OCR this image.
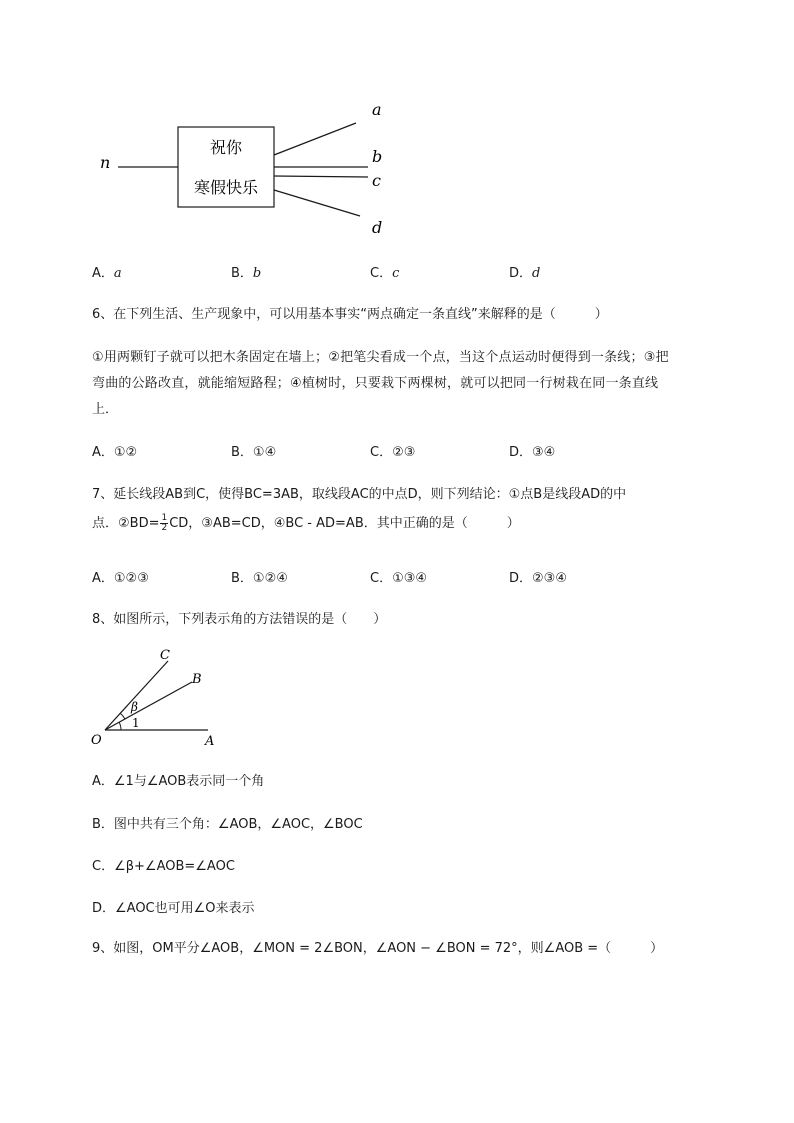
祝你
寒假快乐
n
a
b
c
d
A．a	B．b	C．c	D．d
6、在下列生活、生产现象中，可以用基本事实“两点确定一条直线”来解释的是（　　　）
①用两颗钉子就可以把木条固定在墙上；②把笔尖看成一个点，当这个点运动时便得到一条线；③把
弯曲的公路改直，就能缩短路程；④植树时，只要栽下两棵树，就可以把同一行树栽在同一条直线
上．
A．①②	B．①④	C．②③	D．③④
7、延长线段AB到C，使得BC=3AB，取线段AC的中点D，则下列结论：①点B是线段AD的中
点．②BD= $\frac{1}{2}$ CD，③AB=CD，④BC - AD=AB．其中正确的是（　　　）
A．①②③	B．①②④	C．①③④	D．②③④
8、如图所示，下列表示角的方法错误的是（　　）
C
B
O	A
β
1
A．∠1与∠AOB表示同一个角
B．图中共有三个角：∠AOB，∠AOC，∠BOC
C．∠β+∠AOB=∠AOC
D．∠AOC也可用∠O来表示
9、如图，OM平分∠AOB，∠MON = 2∠BON，∠AON − ∠BON = 72°，则∠AOB =（　　　）
